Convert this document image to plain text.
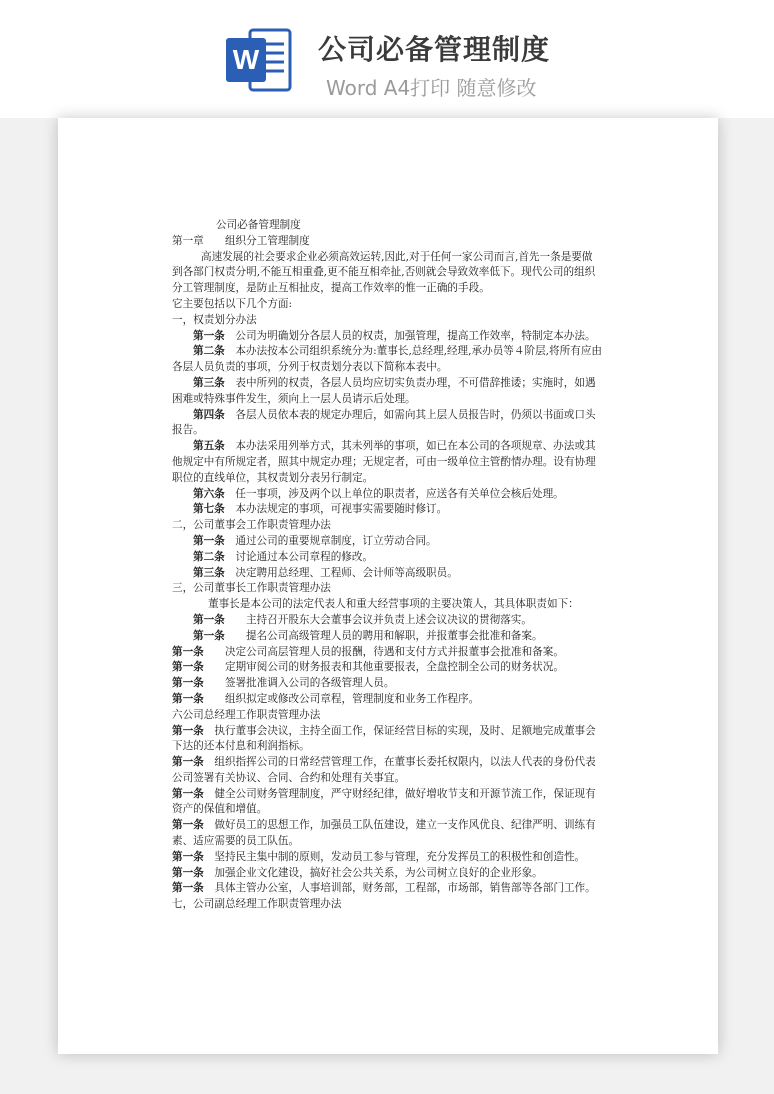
W 公司必备管理制度
Word A4打印 随意修改

公司必备管理制度

第一章　　组织分工管理制度

高速发展的社会要求企业必须高效运转,因此,对于任何一家公司而言,首先一条是要做到各部门权责分明,不能互相重叠,更不能互相牵扯,否则就会导致效率低下。现代公司的组织分工管理制度，是防止互相扯皮，提高工作效率的惟一正确的手段。

它主要包括以下几个方面:

一，权责划分办法

第一条　公司为明确划分各层人员的权责，加强管理，提高工作效率，特制定本办法。

第二条　本办法按本公司组织系统分为:董事长,总经理,经理,承办员等４阶层,将所有应由各层人员负责的事项，分列于权责划分表以下简称本表中。

第三条　表中所列的权责，各层人员均应切实负责办理，不可借辞推诿；实施时，如遇困难或特殊事件发生，须向上一层人员请示后处理。

第四条　各层人员依本表的规定办理后，如需向其上层人员报告时，仍须以书面或口头报告。

第五条　本办法采用列举方式，其未列举的事项，如已在本公司的各项规章、办法或其他规定中有所规定者，照其中规定办理；无规定者，可由一级单位主管酌情办理。设有协理职位的直线单位，其权责划分表另行制定。

第六条　任一事项，涉及两个以上单位的职责者，应送各有关单位会核后处理。

第七条　本办法规定的事项，可视事实需要随时修订。

二，公司董事会工作职责管理办法

第一条　通过公司的重要规章制度，订立劳动合同。

第二条　讨论通过本公司章程的修改。

第三条　决定聘用总经理、工程师、会计师等高级职员。

三，公司董事长工作职责管理办法

董事长是本公司的法定代表人和重大经营事项的主要决策人，其具体职责如下：

第一条　　主持召开股东大会董事会议并负责上述会议决议的贯彻落实。

第一条　　提名公司高级管理人员的聘用和解职，并报董事会批准和备案。

第一条　　决定公司高层管理人员的报酬，待遇和支付方式并报董事会批准和备案。

第一条　　定期审阅公司的财务报表和其他重要报表，全盘控制全公司的财务状况。

第一条　　签署批准调入公司的各级管理人员。

第一条　　组织拟定或修改公司章程，管理制度和业务工作程序。

六公司总经理工作职责管理办法

第一条　执行董事会决议，主持全面工作，保证经营目标的实现，及时、足额地完成董事会下达的还本付息和利润指标。

第一条　组织指挥公司的日常经营管理工作，在董事长委托权限内，以法人代表的身份代表公司签署有关协议、合同、合约和处理有关事宜。

第一条　健全公司财务管理制度，严守财经纪律，做好增收节支和开源节流工作，保证现有资产的保值和增值。

第一条　做好员工的思想工作，加强员工队伍建设，建立一支作风优良、纪律严明、训练有素、适应需要的员工队伍。

第一条　坚持民主集中制的原则，发动员工参与管理，充分发挥员工的积极性和创造性。

第一条　加强企业文化建设，搞好社会公共关系，为公司树立良好的企业形象。

第一条　具体主管办公室，人事培训部，财务部，工程部，市场部，销售部等各部门工作。

七，公司副总经理工作职责管理办法
